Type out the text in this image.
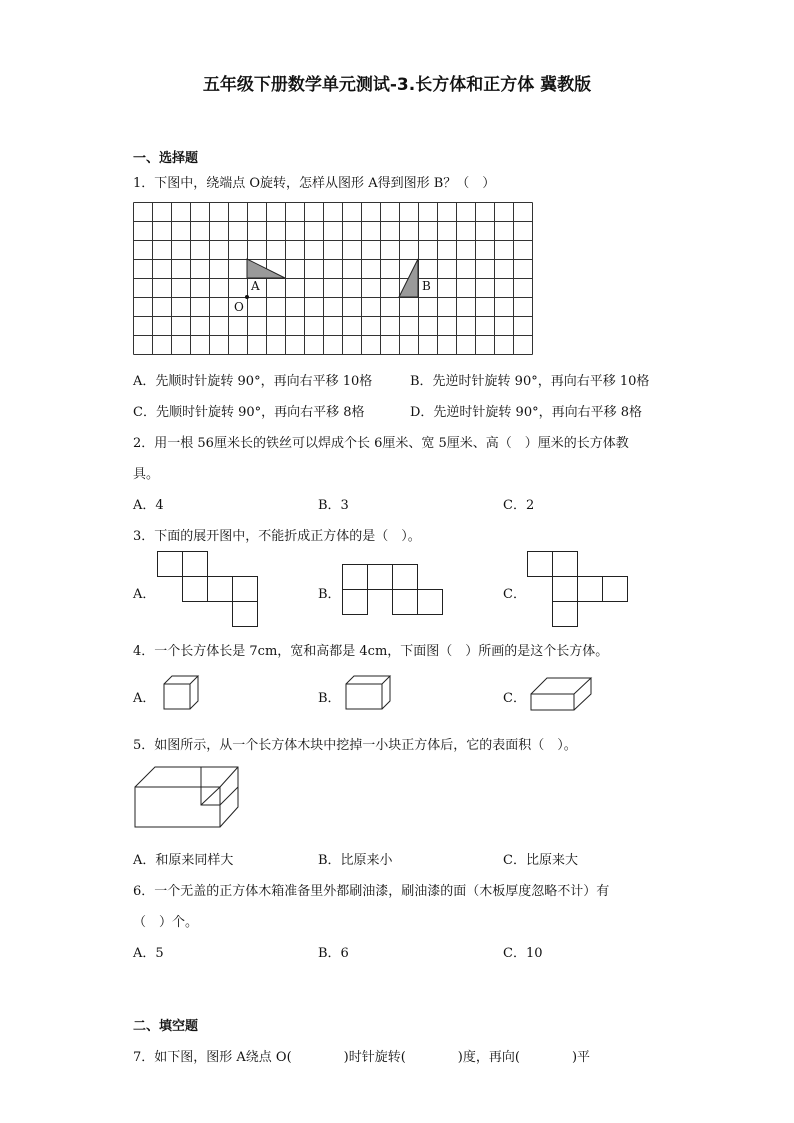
五年级下册数学单元测试-3.长方体和正方体 冀教版
一、选择题
1．下图中，绕端点 O旋转，怎样从图形 A得到图形 B？（　）
A	B
O
A．先顺时针旋转 90°，再向右平移 10格	B．先逆时针旋转 90°，再向右平移 10格
C．先顺时针旋转 90°，再向右平移 8格	D．先逆时针旋转 90°，再向右平移 8格
2．用一根 56厘米长的铁丝可以焊成个长 6厘米、宽 5厘米、高（　）厘米的长方体教
具。
A．4	B．3	C．2
3．下面的展开图中，不能折成正方体的是（　）。
A．	B．	C．
4．一个长方体长是 7cm，宽和高都是 4cm，下面图（　）所画的是这个长方体。
A．	B．	C．
5．如图所示，从一个长方体木块中挖掉一小块正方体后，它的表面积（　）。
A．和原来同样大	B．比原来小	C．比原来大
6．一个无盖的正方体木箱准备里外都刷油漆，刷油漆的面（木板厚度忽略不计）有
（　）个。
A．5	B．6	C．10
二、填空题
7．如下图，图形 A绕点 O(　　　　)时针旋转(　　　　)度，再向(　　　　)平
